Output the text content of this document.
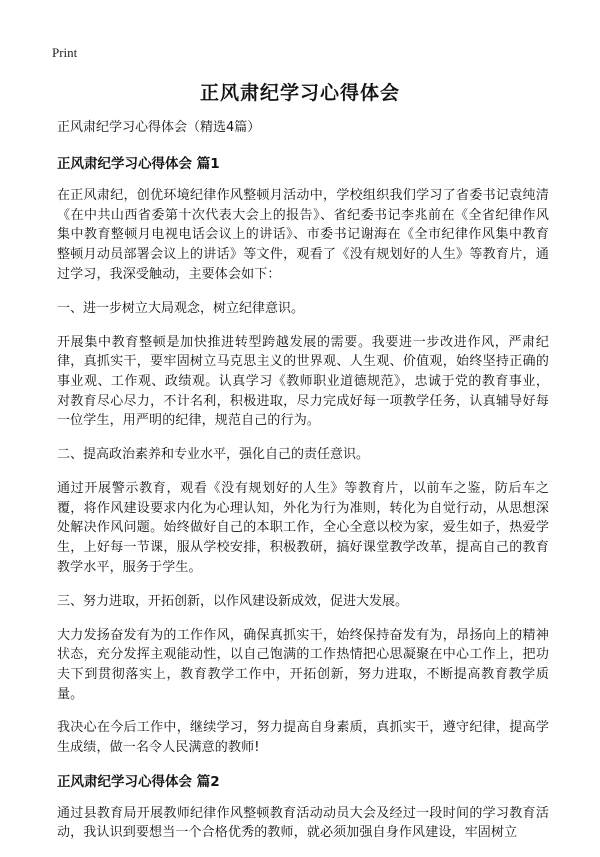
Print
正风肃纪学习心得体会

正风肃纪学习心得体会（精选4篇）

正风肃纪学习心得体会 篇1

在正风肃纪，创优环境纪律作风整顿月活动中，学校组织我们学习了省委书记袁纯清《在中共山西省委第十次代表大会上的报告》、省纪委书记李兆前在《全省纪律作风集中教育整顿月电视电话会议上的讲话》、市委书记谢海在《全市纪律作风集中教育整顿月动员部署会议上的讲话》等文件，观看了《没有规划好的人生》等教育片，通过学习，我深受触动，主要体会如下：

一、进一步树立大局观念，树立纪律意识。

开展集中教育整顿是加快推进转型跨越发展的需要。我要进一步改进作风，严肃纪律，真抓实干，要牢固树立马克思主义的世界观、人生观、价值观，始终坚持正确的事业观、工作观、政绩观。认真学习《教师职业道德规范》，忠诚于党的教育事业，对教育尽心尽力，不计名利，积极进取，尽力完成好每一项教学任务，认真辅导好每一位学生，用严明的纪律，规范自己的行为。

二、提高政治素养和专业水平，强化自己的责任意识。

通过开展警示教育，观看《没有规划好的人生》等教育片，以前车之鉴，防后车之覆，将作风建设要求内化为心理认知，外化为行为准则，转化为自觉行动，从思想深处解决作风问题。始终做好自己的本职工作，全心全意以校为家，爱生如子，热爱学生，上好每一节课，服从学校安排，积极教研，搞好课堂教学改革，提高自己的教育教学水平，服务于学生。

三、努力进取，开拓创新，以作风建设新成效，促进大发展。

大力发扬奋发有为的工作作风，确保真抓实干，始终保持奋发有为，昂扬向上的精神状态，充分发挥主观能动性，以自己饱满的工作热情把心思凝聚在中心工作上，把功夫下到贯彻落实上，教育教学工作中，开拓创新，努力进取，不断提高教育教学质量。

我决心在今后工作中，继续学习，努力提高自身素质，真抓实干，遵守纪律，提高学生成绩，做一名令人民满意的教师!

正风肃纪学习心得体会 篇2

通过县教育局开展教师纪律作风整顿教育活动动员大会及经过一段时间的学习教育活动，我认识到要想当一个合格优秀的教师，就必须加强自身作风建设，牢固树立
